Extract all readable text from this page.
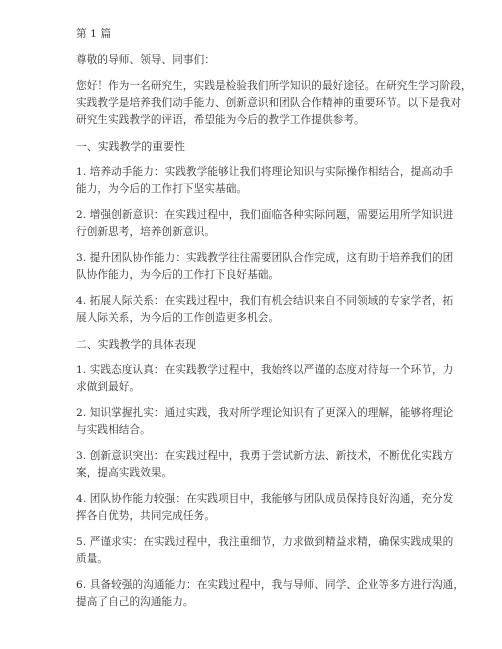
第 1 篇
尊敬的导师、领导、同事们：
您好！作为一名研究生，实践是检验我们所学知识的最好途径。在研究生学习阶段，
实践教学是培养我们动手能力、创新意识和团队合作精神的重要环节。以下是我对
研究生实践教学的评语，希望能为今后的教学工作提供参考。
一、实践教学的重要性
1. 培养动手能力：实践教学能够让我们将理论知识与实际操作相结合，提高动手
能力，为今后的工作打下坚实基础。
2. 增强创新意识：在实践过程中，我们面临各种实际问题，需要运用所学知识进
行创新思考，培养创新意识。
3. 提升团队协作能力：实践教学往往需要团队合作完成，这有助于培养我们的团
队协作能力，为今后的工作打下良好基础。
4. 拓展人际关系：在实践过程中，我们有机会结识来自不同领域的专家学者，拓
展人际关系，为今后的工作创造更多机会。
二、实践教学的具体表现
1. 实践态度认真：在实践教学过程中，我始终以严谨的态度对待每一个环节，力
求做到最好。
2. 知识掌握扎实：通过实践，我对所学理论知识有了更深入的理解，能够将理论
与实践相结合。
3. 创新意识突出：在实践过程中，我勇于尝试新方法、新技术，不断优化实践方
案，提高实践效果。
4. 团队协作能力较强：在实践项目中，我能够与团队成员保持良好沟通，充分发
挥各自优势，共同完成任务。
5. 严谨求实：在实践过程中，我注重细节，力求做到精益求精，确保实践成果的
质量。
6. 具备较强的沟通能力：在实践过程中，我与导师、同学、企业等多方进行沟通，
提高了自己的沟通能力。
